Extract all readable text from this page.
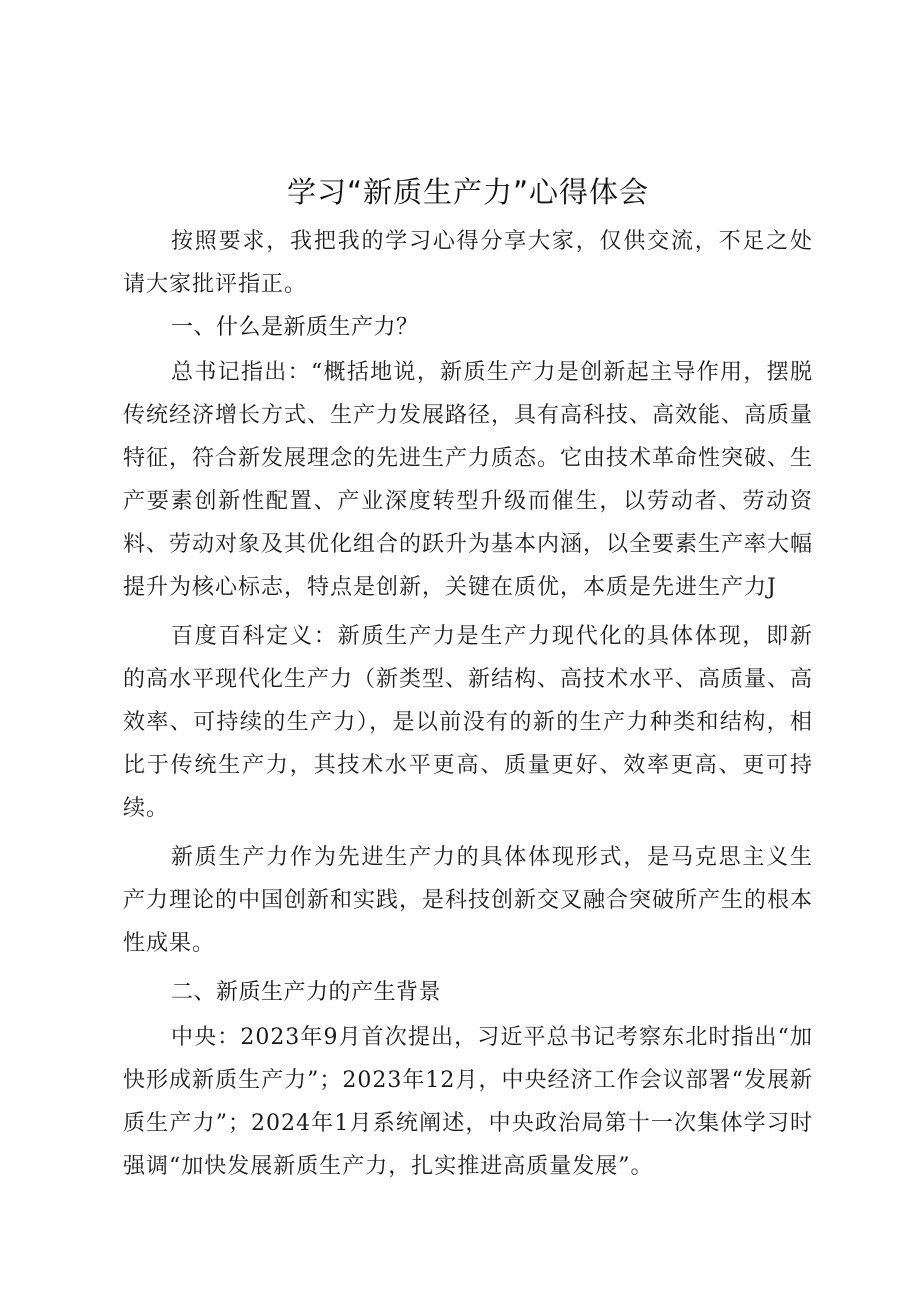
学习“新质生产力”心得体会

按照要求，我把我的学习心得分享大家，仅供交流，不足之处请大家批评指正。

一、什么是新质生产力？

总书记指出：“概括地说，新质生产力是创新起主导作用，摆脱传统经济增长方式、生产力发展路径，具有高科技、高效能、高质量特征，符合新发展理念的先进生产力质态。它由技术革命性突破、生产要素创新性配置、产业深度转型升级而催生，以劳动者、劳动资料、劳动对象及其优化组合的跃升为基本内涵，以全要素生产率大幅提升为核心标志，特点是创新，关键在质优，本质是先进生产力J

百度百科定义：新质生产力是生产力现代化的具体体现，即新的高水平现代化生产力（新类型、新结构、高技术水平、高质量、高效率、可持续的生产力），是以前没有的新的生产力种类和结构，相比于传统生产力，其技术水平更高、质量更好、效率更高、更可持续。

新质生产力作为先进生产力的具体体现形式，是马克思主义生产力理论的中国创新和实践，是科技创新交叉融合突破所产生的根本性成果。

二、新质生产力的产生背景

中央：2023年9月首次提出，习近平总书记考察东北时指出“加快形成新质生产力”；2023年12月，中央经济工作会议部署“发展新质生产力”；2024年1月系统阐述，中央政治局第十一次集体学习时强调“加快发展新质生产力，扎实推进高质量发展”。
